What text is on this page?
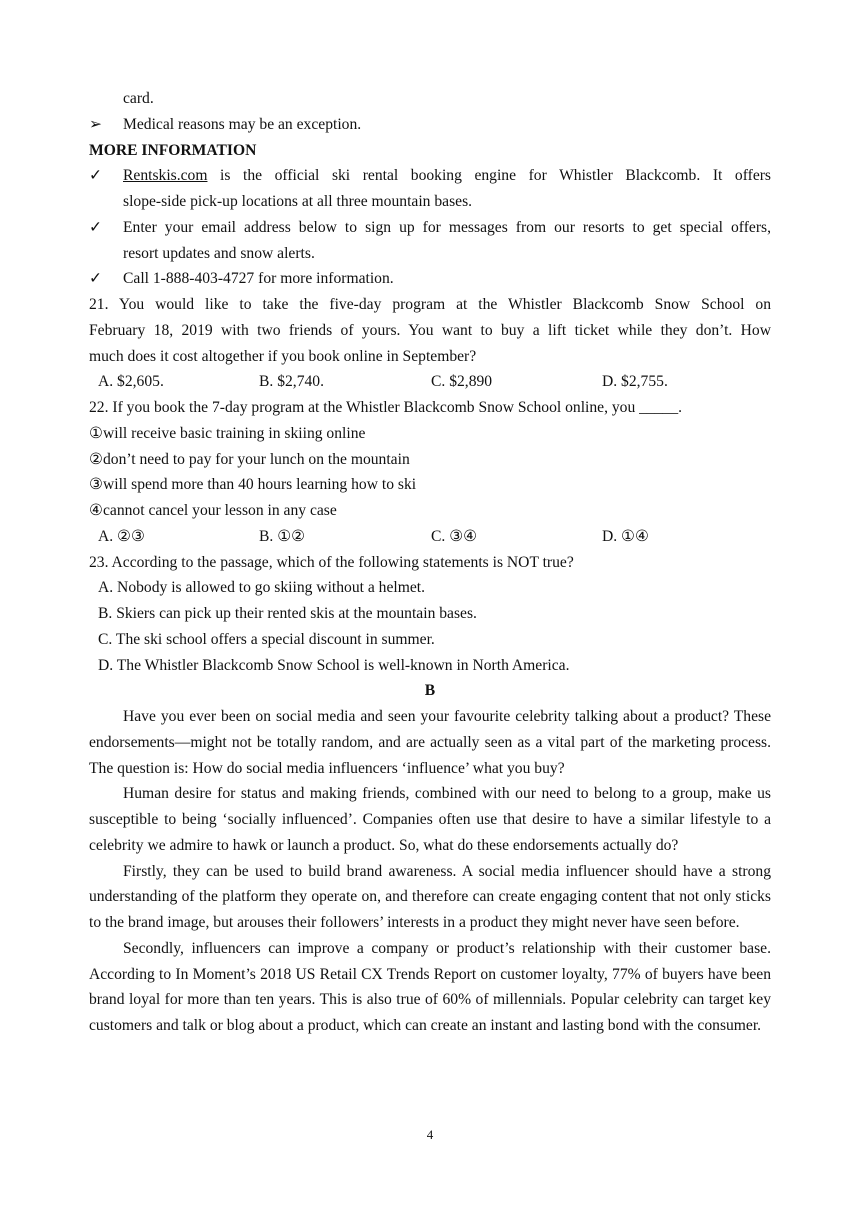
card.
➢	Medical reasons may be an exception.
MORE INFORMATION
✓	Rentskis.com is the official ski rental booking engine for Whistler Blackcomb. It offers
slope-side pick-up locations at all three mountain bases.
✓	Enter your email address below to sign up for messages from our resorts to get special offers,
resort updates and snow alerts.
✓	Call 1-888-403-4727 for more information.
21. You would like to take the five-day program at the Whistler Blackcomb Snow School on
February 18, 2019 with two friends of yours. You want to buy a lift ticket while they don’t. How
much does it cost altogether if you book online in September?
A. $2,605.	B. $2,740.	C. $2,890	D. $2,755.
22. If you book the 7-day program at the Whistler Blackcomb Snow School online, you _____.
①will receive basic training in skiing online
②don’t need to pay for your lunch on the mountain
③will spend more than 40 hours learning how to ski
④cannot cancel your lesson in any case
A. ②③	B. ①②	C. ③④	D. ①④
23. According to the passage, which of the following statements is NOT true?
A. Nobody is allowed to go skiing without a helmet.
B. Skiers can pick up their rented skis at the mountain bases.
C. The ski school offers a special discount in summer.
D. The Whistler Blackcomb Snow School is well-known in North America.
B
Have you ever been on social media and seen your favourite celebrity talking about a product? These endorsements—might not be totally random, and are actually seen as a vital part of the marketing process. The question is: How do social media influencers ‘influence’ what you buy?
Human desire for status and making friends, combined with our need to belong to a group, make us susceptible to being ‘socially influenced’. Companies often use that desire to have a similar lifestyle to a celebrity we admire to hawk or launch a product. So, what do these endorsements actually do?
Firstly, they can be used to build brand awareness. A social media influencer should have a strong understanding of the platform they operate on, and therefore can create engaging content that not only sticks to the brand image, but arouses their followers’ interests in a product they might never have seen before.
Secondly, influencers can improve a company or product’s relationship with their customer base. According to In Moment’s 2018 US Retail CX Trends Report on customer loyalty, 77% of buyers have been brand loyal for more than ten years. This is also true of 60% of millennials. Popular celebrity can target key customers and talk or blog about a product, which can create an instant and lasting bond with the consumer.
4
